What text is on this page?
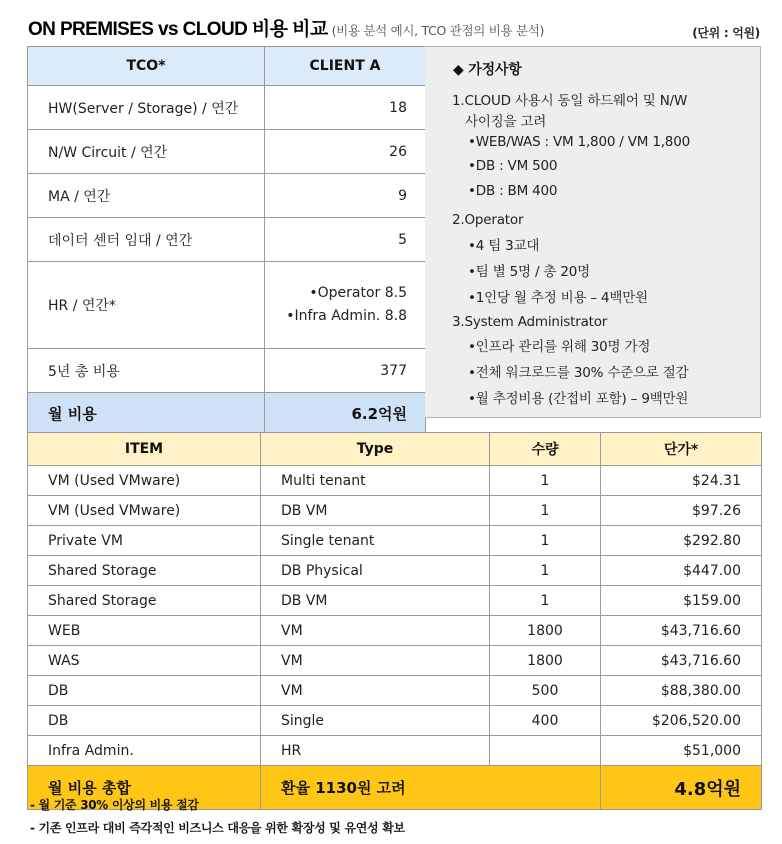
ON PREMISES vs CLOUD 비용 비교 (비용 분석 예시, TCO 관점의 비용 분석)	(단위 : 억원)
TCO*	CLIENT A
HW(Server / Storage) / 연간	18
N/W Circuit / 연간	26
MA / 연간	9
데이터 센터 임대 / 연간	5
HR / 연간*	•Operator 8.5
•Infra Admin. 8.8

5년 총 비용	377
월 비용	6.2억원
◆ 가정사항
1.CLOUD 사용시 동일 하드웨어 및 N/W
사이징을 고려
•WEB/WAS : VM 1,800 / VM 1,800
•DB : VM 500
•DB : BM 400
2.Operator
•4 팀 3교대
•팀 별 5명 / 총 20명
•1인당 월 추정 비용 – 4백만원
3.System Administrator
•인프라 관리를 위해 30명 가정
•전체 워크로드를 30% 수준으로 절감
•월 추정비용 (간접비 포함) – 9백만원
ITEM	Type	수량	단가*
VM (Used VMware)	Multi tenant	1	$24.31
VM (Used VMware)	DB VM	1	$97.26
Private VM	Single tenant	1	$292.80
Shared Storage	DB Physical	1	$447.00
Shared Storage	DB VM	1	$159.00
WEB	VM	1800	$43,716.60
WAS	VM	1800	$43,716.60
DB	VM	500	$88,380.00
DB	Single	400	$206,520.00
Infra Admin.	HR		$51,000
월 비용 총합	환율 1130원 고려		4.8억원
- 월 기준 30% 이상의 비용 절감
- 기존 인프라 대비 즉각적인 비즈니스 대응을 위한 확장성 및 유연성 확보
